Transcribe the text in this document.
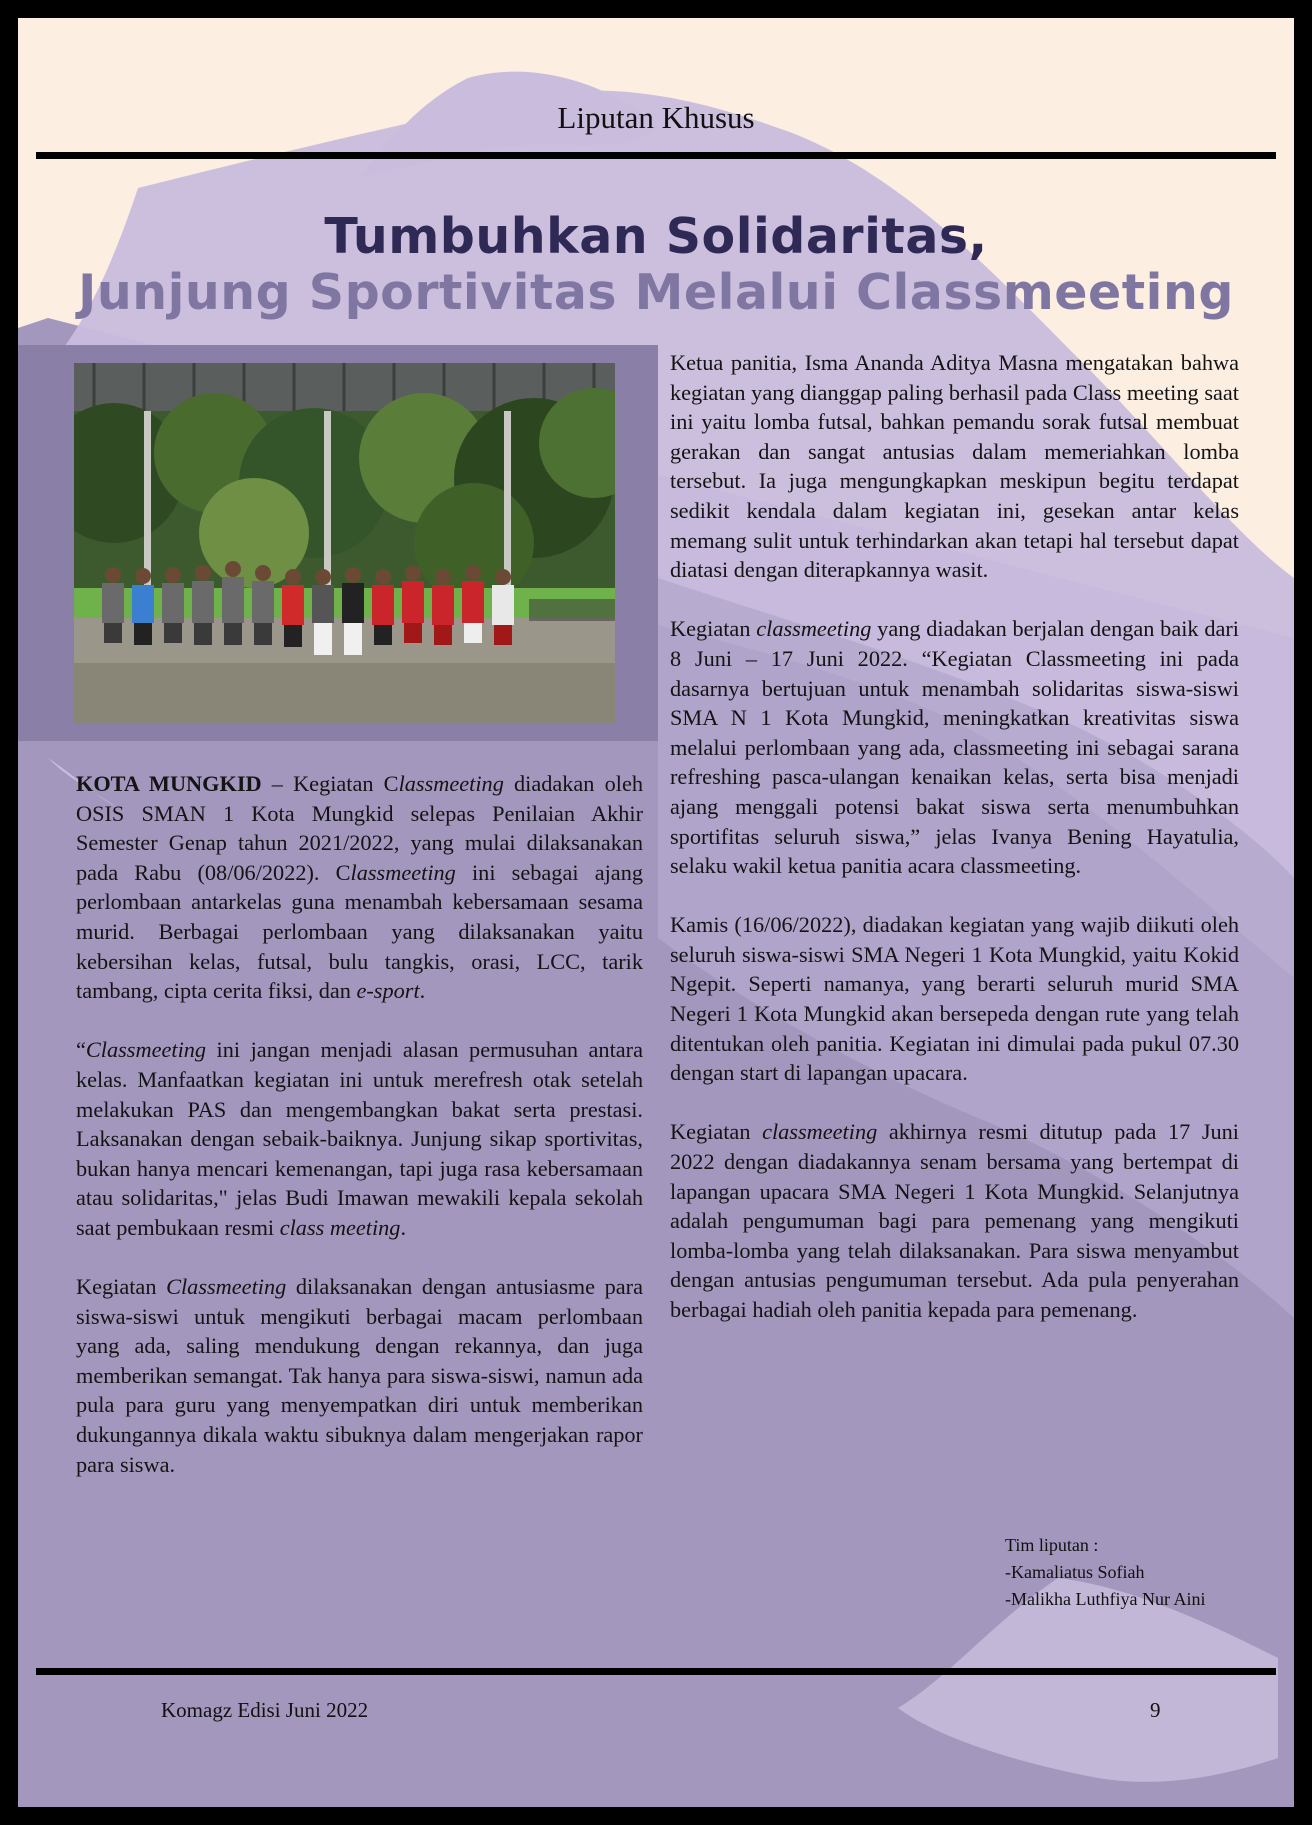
Liputan Khusus
Tumbuhkan Solidaritas,
Junjung Sportivitas Melalui Classmeeting

KOTA MUNGKID – Kegiatan Classmeeting diadakan oleh OSIS SMAN 1 Kota Mungkid selepas Penilaian Akhir Semester Genap tahun 2021/2022, yang mulai dilaksanakan pada Rabu (08/06/2022). Classmeeting ini sebagai ajang perlombaan antarkelas guna menambah kebersamaan sesama murid. Berbagai perlombaan yang dilaksanakan yaitu kebersihan kelas, futsal, bulu tangkis, orasi, LCC, tarik tambang, cipta cerita fiksi, dan e-sport.

“Classmeeting ini jangan menjadi alasan permusuhan antara kelas. Manfaatkan kegiatan ini untuk merefresh otak setelah melakukan PAS dan mengembangkan bakat serta prestasi. Laksanakan dengan sebaik-baiknya. Junjung sikap sportivitas, bukan hanya mencari kemenangan, tapi juga rasa kebersamaan atau solidaritas," jelas Budi Imawan mewakili kepala sekolah saat pembukaan resmi class meeting.

Kegiatan Classmeeting dilaksanakan dengan antusiasme para siswa-siswi untuk mengikuti berbagai macam perlombaan yang ada, saling mendukung dengan rekannya, dan juga memberikan semangat. Tak hanya para siswa-siswi, namun ada pula para guru yang menyempatkan diri untuk memberikan dukungannya dikala waktu sibuknya dalam mengerjakan rapor para siswa.

Ketua panitia, Isma Ananda Aditya Masna mengatakan bahwa kegiatan yang dianggap paling berhasil pada Class meeting saat ini yaitu lomba futsal, bahkan pemandu sorak futsal membuat gerakan dan sangat antusias dalam memeriahkan lomba tersebut. Ia juga mengungkapkan meskipun begitu terdapat sedikit kendala dalam kegiatan ini, gesekan antar kelas memang sulit untuk terhindarkan akan tetapi hal tersebut dapat diatasi dengan diterapkannya wasit.

Kegiatan classmeeting yang diadakan berjalan dengan baik dari 8 Juni – 17 Juni 2022. “Kegiatan Classmeeting ini pada dasarnya bertujuan untuk menambah solidaritas siswa-siswi SMA N 1 Kota Mungkid, meningkatkan kreativitas siswa melalui perlombaan yang ada, classmeeting ini sebagai sarana refreshing pasca-ulangan kenaikan kelas, serta bisa menjadi ajang menggali potensi bakat siswa serta menumbuhkan sportifitas seluruh siswa,” jelas Ivanya Bening Hayatulia, selaku wakil ketua panitia acara classmeeting.

Kamis (16/06/2022), diadakan kegiatan yang wajib diikuti oleh seluruh siswa-siswi SMA Negeri 1 Kota Mungkid, yaitu Kokid Ngepit. Seperti namanya, yang berarti seluruh murid SMA Negeri 1 Kota Mungkid akan bersepeda dengan rute yang telah ditentukan oleh panitia. Kegiatan ini dimulai pada pukul 07.30 dengan start di lapangan upacara.

Kegiatan classmeeting akhirnya resmi ditutup pada 17 Juni 2022 dengan diadakannya senam bersama yang bertempat di lapangan upacara SMA Negeri 1 Kota Mungkid. Selanjutnya adalah pengumuman bagi para pemenang yang mengikuti lomba-lomba yang telah dilaksanakan. Para siswa menyambut dengan antusias pengumuman tersebut. Ada pula penyerahan berbagai hadiah oleh panitia kepada para pemenang.

Tim liputan :
-Kamaliatus Sofiah
-Malikha Luthfiya Nur Aini
Komagz Edisi Juni 2022	9
